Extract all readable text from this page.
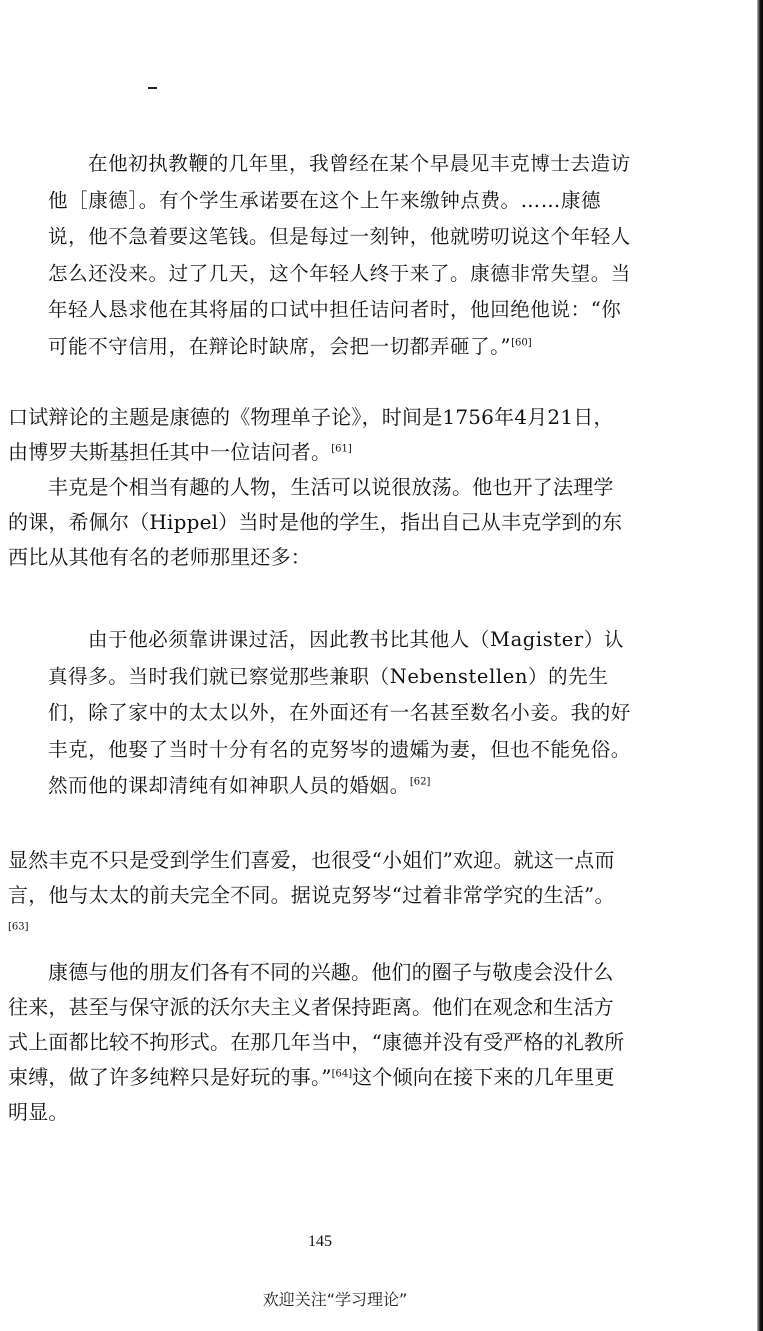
在他初执教鞭的几年里，我曾经在某个早晨见丰克博士去造访他［康德］。有个学生承诺要在这个上午来缴钟点费。……康德说，他不急着要这笔钱。但是每过一刻钟，他就唠叨说这个年轻人怎么还没来。过了几天，这个年轻人终于来了。康德非常失望。当年轻人恳求他在其将届的口试中担任诘问者时，他回绝他说：“你可能不守信用，在辩论时缺席，会把一切都弄砸了。”[60]

口试辩论的主题是康德的《物理单子论》，时间是1756年4月21日，由博罗夫斯基担任其中一位诘问者。[61]

丰克是个相当有趣的人物，生活可以说很放荡。他也开了法理学的课，希佩尔（Hippel）当时是他的学生，指出自己从丰克学到的东西比从其他有名的老师那里还多：

由于他必须靠讲课过活，因此教书比其他人（Magister）认真得多。当时我们就已察觉那些兼职（Nebenstellen）的先生们，除了家中的太太以外，在外面还有一名甚至数名小妾。我的好丰克，他娶了当时十分有名的克努岑的遗孀为妻，但也不能免俗。然而他的课却清纯有如神职人员的婚姻。[62]

显然丰克不只是受到学生们喜爱，也很受“小姐们”欢迎。就这一点而言，他与太太的前夫完全不同。据说克努岑“过着非常学究的生活”。[63]

康德与他的朋友们各有不同的兴趣。他们的圈子与敬虔会没什么往来，甚至与保守派的沃尔夫主义者保持距离。他们在观念和生活方式上面都比较不拘形式。在那几年当中，“康德并没有受严格的礼教所束缚，做了许多纯粹只是好玩的事。”[64]这个倾向在接下来的几年里更明显。

145
欢迎关注“学习理论”
